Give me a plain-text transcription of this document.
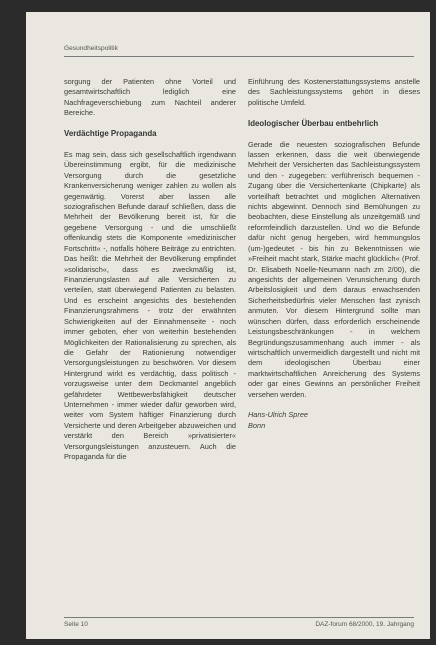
Gesundheitspolitik

sorgung der Patienten ohne Vorteil und gesamtwirtschaftlich lediglich eine Nachfrageverschiebung zum Nachteil anderer Bereiche.

Verdächtige Propaganda

Es mag sein, dass sich gesellschaftlich irgendwann Übereinstimmung ergibt, für die medizinische Versorgung durch die gesetzliche Krankenversicherung weniger zahlen zu wollen als gegenwärtig. Vorerst aber lassen alle soziografischen Befunde darauf schließen, dass die Mehrheit der Bevölkerung bereit ist, für die gegebene Versorgung - und die umschließt offenkundig stets die Komponente »medizinischer Fortschritt« -, notfalls höhere Beiträge zu entrichten. Das heißt: die Mehrheit der Bevölkerung empfindet »solidarisch«, dass es zweckmäßig ist, Finanzierungslasten auf alle Versicherten zu verteilen, statt überwiegend Patienten zu belasten. Und es erscheint angesichts des bestehenden Finanzierungsrahmens - trotz der erwähnten Schwierigkeiten auf der Einnahmenseite - noch immer geboten, eher von weiterhin bestehenden Möglichkeiten der Rationalisierung zu sprechen, als die Gefahr der Rationierung notwendiger Versorgungsleistungen zu beschwören. Vor diesem Hintergrund wirkt es verdächtig, dass politisch - vorzugsweise unter dem Deckmantel angeblich gefährdeter Wettbewerbsfähigkeit deutscher Unternehmen - immer wieder dafür geworben wird, weiter vom System häftiger Finanzierung durch Versicherte und deren Arbeitgeber abzuweichen und verstärkt den Bereich »privatisierter« Versorgungsleistungen anzusteuern. Auch die Propaganda für die

Einführung des Kostenerstattungssystems anstelle des Sachleistungssystems gehört in dieses politische Umfeld.

Ideologischer Überbau entbehrlich

Gerade die neuesten soziografischen Befunde lassen erkennen, dass die weit überwiegende Mehrheit der Versicherten das Sachleistungssystem und den - zugegeben: verführerisch bequemen - Zugang über die Versichertenkarte (Chipkarte) als vorteilhaft betrachtet und möglichen Alternativen nichts abgewinnt. Dennoch sind Bemühungen zu beobachten, diese Einstellung als unzeitgemäß und reformfeindlich darzustellen. Und wo die Befunde dafür nicht genug hergeben, wird hemmungslos (um-)gedeutet - bis hin zu Bekenntnissen wie »Freiheit macht stark, Stärke macht glücklich« (Prof. Dr. Elisabeth Noelle-Neumann nach zm 2/00), die angesichts der allgemeinen Verunsicherung durch Arbeitslosigkeit und dem daraus erwachsenden Sicherheitsbedürfnis vieler Menschen fast zynisch anmuten. Vor diesem Hintergrund sollte man wünschen dürfen, dass erforderlich erscheinende Leistungsbeschränkungen - in welchem Begründungszusammenhang auch immer - als wirtschaftlich unvermeidlich dargestellt und nicht mit dem ideologischen Überbau einer marktwirtschaftlichen Anreicherung des Systems oder gar eines Gewinns an persönlicher Freiheit versehen werden.

Hans-Ulrich Spree

Bonn

Seite 10	DAZ-forum 68/2000, 19. Jahrgang
